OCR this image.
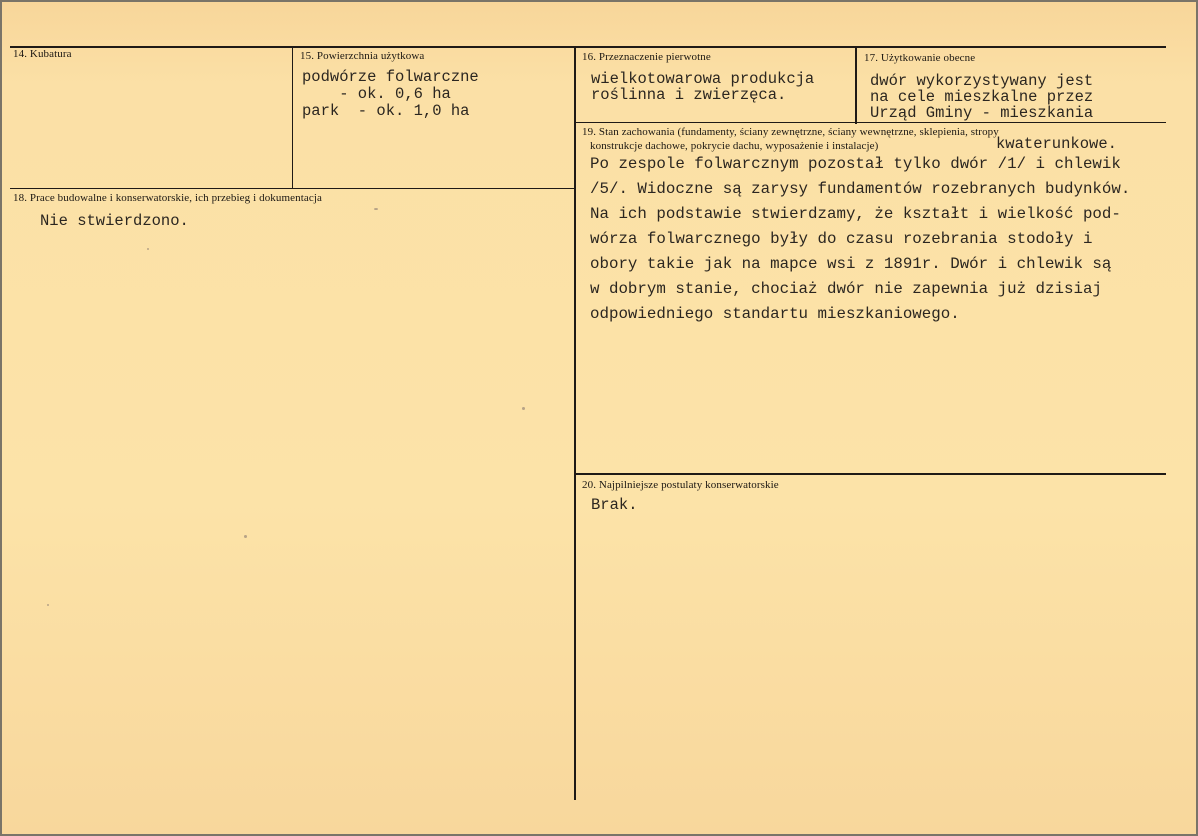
14. Kubatura	15. Powierzchnia użytkowa
podwórze folwarczne
- ok. 0,6 ha
park  - ok. 1,0 ha
16. Przeznaczenie pierwotne
wielkotowarowa produkcja
roślinna i zwierzęca.
17. Użytkowanie obecne
dwór wykorzystywany jest
na cele mieszkalne przez
Urząd Gminy - mieszkania
18. Prace budowalne i konserwatorskie, ich przebieg i dokumentacja
Nie stwierdzono.
19. Stan zachowania (fundamenty, ściany zewnętrzne, ściany wewnętrzne, sklepienia, stropy
konstrukcje dachowe, pokrycie dachu, wyposażenie i instalacje)	kwaterunkowe.
Po zespole folwarcznym pozostał tylko dwór /1/ i chlewik
/5/. Widoczne są zarysy fundamentów rozebranych budynków.
Na ich podstawie stwierdzamy, że kształt i wielkość pod-
wórza folwarcznego były do czasu rozebrania stodoły i
obory takie jak na mapce wsi z 1891r. Dwór i chlewik są
w dobrym stanie, chociaż dwór nie zapewnia już dzisiaj
odpowiedniego standartu mieszkaniowego.
20. Najpilniejsze postulaty konserwatorskie
Brak.
